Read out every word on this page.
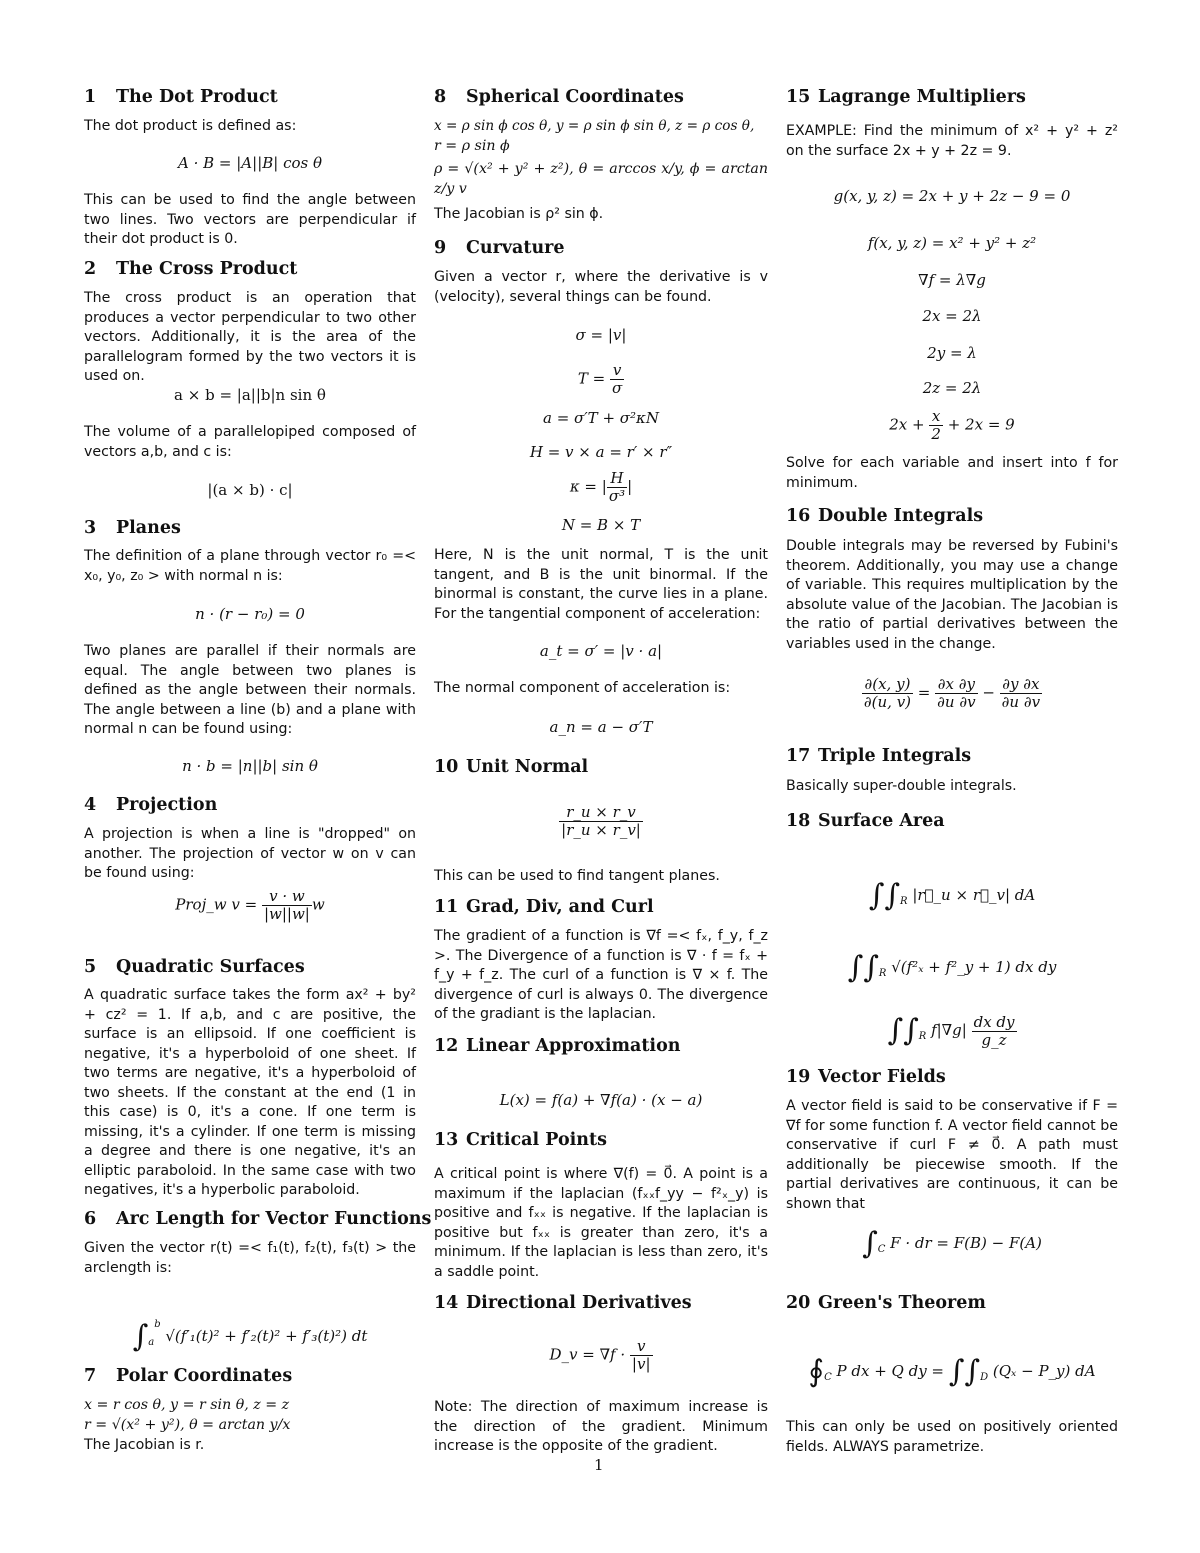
1 The Dot Product

The dot product is defined as:

A · B = |A||B| cos θ

This can be used to find the angle between two lines. Two vectors are perpendicular if their dot product is 0.

2 The Cross Product

The cross product is an operation that produces a vector perpendicular to two other vectors. Additionally, it is the area of the parallelogram formed by the two vectors it is used on.

a × b = |a||b|n sin θ

The volume of a parallelopiped composed of vectors a,b, and c is:

|(a × b) · c|
3 Planes

The definition of a plane through vector r₀ =< x₀, y₀, z₀ > with normal n is:

n · (r − r₀) = 0

Two planes are parallel if their normals are equal. The angle between two planes is defined as the angle between their normals. The angle between a line (b) and a plane with normal n can be found using:

n · b = |n||b| sin θ
4 Projection

A projection is when a line is "dropped" on another. The projection of vector w on v can be found using:

Proj_w $v = \frac{v \cdot w}{|w||w|}$ w
5 Quadratic Surfaces

A quadratic surface takes the form ax² + by² + cz² = 1. If a,b, and c are positive, the surface is an ellipsoid. If one coefficient is negative, it's a hyperboloid of one sheet. If two terms are negative, it's a hyperboloid of two sheets. If the constant at the end (1 in this case) is 0, it's a cone. If one term is missing, it's a cylinder. If one term is missing a degree and there is one negative, it's an elliptic paraboloid. In the same case with two negatives, it's a hyperbolic paraboloid.

6 Arc Length for Vector Functions

Given the vector r(t) =< f₁(t), f₂(t), f₃(t) > the arclength is:

$\int_a^b$ √(f′₁(t)² + f′₂(t)² + f′₃(t)²) dt
7 Polar Coordinates

x = r cos θ, y = r sin θ, z = z

r = √(x² + y²), θ = arctan y/x

The Jacobian is r.

8 Spherical Coordinates

x = ρ sin ϕ cos θ, y = ρ sin ϕ sin θ, z = ρ cos θ,

r = ρ sin ϕ

ρ = √(x² + y² + z²), θ = arccos x/y, ϕ = arctan z/y v

The Jacobian is ρ² sin ϕ.

9 Curvature

Given a vector r, where the derivative is v (velocity), several things can be found.

σ = |v|
$T = \frac{v}{\sigma}$
a = σ′T + σ²κN
H = v × a = r′ × r″
κ = | $\frac{H}{\text{σ³}}$ |
N = B × T

Here, N is the unit normal, T is the unit tangent, and B is the unit binormal. If the binormal is constant, the curve lies in a plane. For the tangential component of acceleration:

a_t = σ′ = |v · a|

The normal component of acceleration is:

a_n = a − σ′T
10 Unit Normal
$\frac{r\_u \times r\_v}{|r\_u \times r\_v|}$

This can be used to find tangent planes.

11 Grad, Div, and Curl

The gradient of a function is ∇f =< fₓ, f_y, f_z >. The Divergence of a function is ∇ · f = fₓ + f_y + f_z. The curl of a function is ∇ × f. The divergence of curl is always 0. The divergence of the gradiant is the laplacian.

12 Linear Approximation
L(x) = f(a) + ∇f(a) · (x − a)
13 Critical Points

A critical point is where ∇(f) = 0⃗. A point is a maximum if the laplacian (fₓₓf_yy − f²ₓ_y) is positive and fₓₓ is negative. If the laplacian is positive but fₓₓ is greater than zero, it's a minimum. If the laplacian is less than zero, it's a saddle point.

14 Directional Derivatives
D_v = $\nabla f \cdot \frac{v}{|v|}$

Note: The direction of maximum increase is the direction of the gradient. Minimum increase is the opposite of the gradient.

15 Lagrange Multipliers

EXAMPLE: Find the minimum of x² + y² + z² on the surface 2x + y + 2z = 9.

g(x, y, z) = 2x + y + 2z − 9 = 0
f(x, y, z) = x² + y² + z²
∇f = λ∇g
2x = 2λ
2y = λ
2z = 2λ
$2x + \frac{x}{2} + 2x = 9$

Solve for each variable and insert into f for minimum.

16 Double Integrals

Double integrals may be reversed by Fubini's theorem. Additionally, you may use a change of variable. This requires multiplication by the absolute value of the Jacobian. The Jacobian is the ratio of partial derivatives between the variables used in the change.

$\frac{\partial(x, y)}{\partial(u, v)} = \frac{\partial x \partial y}{\partial u \partial v} - \frac{\partial y \partial x}{\partial u \partial v}$
17 Triple Integrals

Basically super-double integrals.

18 Surface Area
$\int\int_R$ |r⃗_u × r⃗_v| dA
$\int\int_R$ √(f²ₓ + f²_y + 1) dx dy
$\int\int_R$ $f|\nabla g| \frac{\text{dx dy}}{g\_z}$
19 Vector Fields

A vector field is said to be conservative if F = ∇f for some function f. A vector field cannot be conservative if curl F ≠ 0⃗. A path must additionally be piecewise smooth. If the partial derivatives are continuous, it can be shown that

$\int_C$ F · dr = F(B) − F(A)
20 Green's Theorem
$∮_C$ P dx + Q dy = $\int\int_D$ (Qₓ − P_y) dA

This can only be used on positively oriented fields. ALWAYS parametrize.

1
